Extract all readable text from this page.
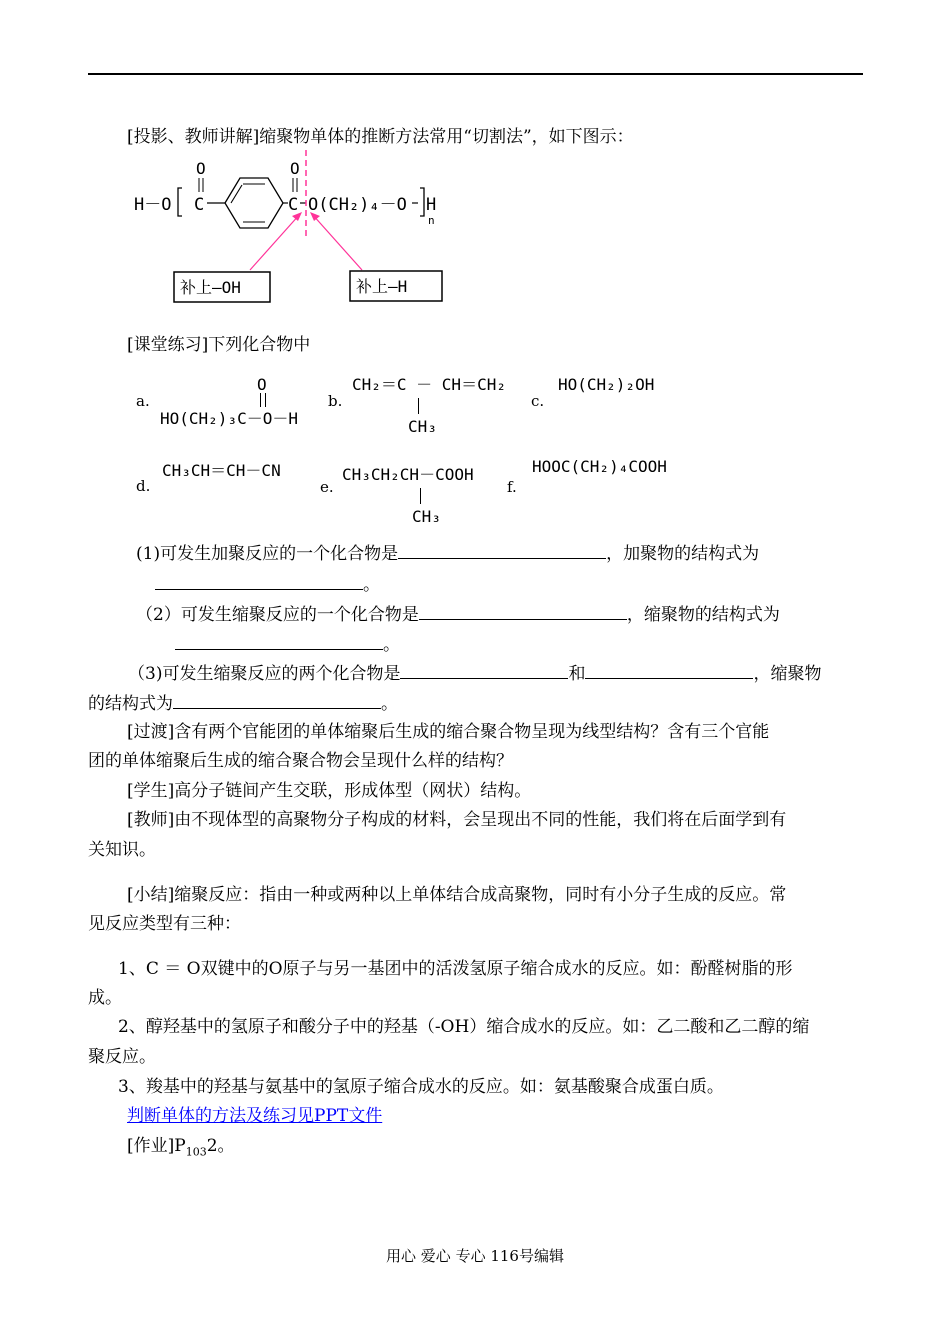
[投影、教师讲解]缩聚物单体的推断方法常用“切割法”，如下图示：
H－O
O
C
O
C O(CH₂)₄－O H
n
补上—OH	补上—H
[课堂练习]下列化合物中
a.
O
HO(CH₂)₃C－O－H
b.
CH₂＝C － CH＝CH₂
CH₃
c.
HO(CH₂)₂OH
d.
CH₃CH＝CH－CN
e.
CH₃CH₂CH－COOH
CH₃
f.
HOOC(CH₂)₄COOH
(1)可发生加聚反应的一个化合物是	，加聚物的结构式为
。
（2）可发生缩聚反应的一个化合物是	，缩聚物的结构式为
。
（3)可发生缩聚反应的两个化合物是	和	，缩聚物
的结构式为	。
[过渡]含有两个官能团的单体缩聚后生成的缩合聚合物呈现为线型结构？含有三个官能
团的单体缩聚后生成的缩合聚合物会呈现什么样的结构？
[学生]高分子链间产生交联，形成体型（网状）结构。
[教师]由不现体型的高聚物分子构成的材料，会呈现出不同的性能，我们将在后面学到有
关知识。
[小结]缩聚反应：指由一种或两种以上单体结合成高聚物，同时有小分子生成的反应。常
见反应类型有三种：
1、C ＝ O双键中的O原子与另一基团中的活泼氢原子缩合成水的反应。如：酚醛树脂的形
成。
2、醇羟基中的氢原子和酸分子中的羟基（-OH）缩合成水的反应。如：乙二酸和乙二醇的缩
聚反应。
3、羧基中的羟基与氨基中的氢原子缩合成水的反应。如：氨基酸聚合成蛋白质。
判断单体的方法及练习见PPT文件
[作业]$P_{103}2$。
用心 爱心 专心 116号编辑
